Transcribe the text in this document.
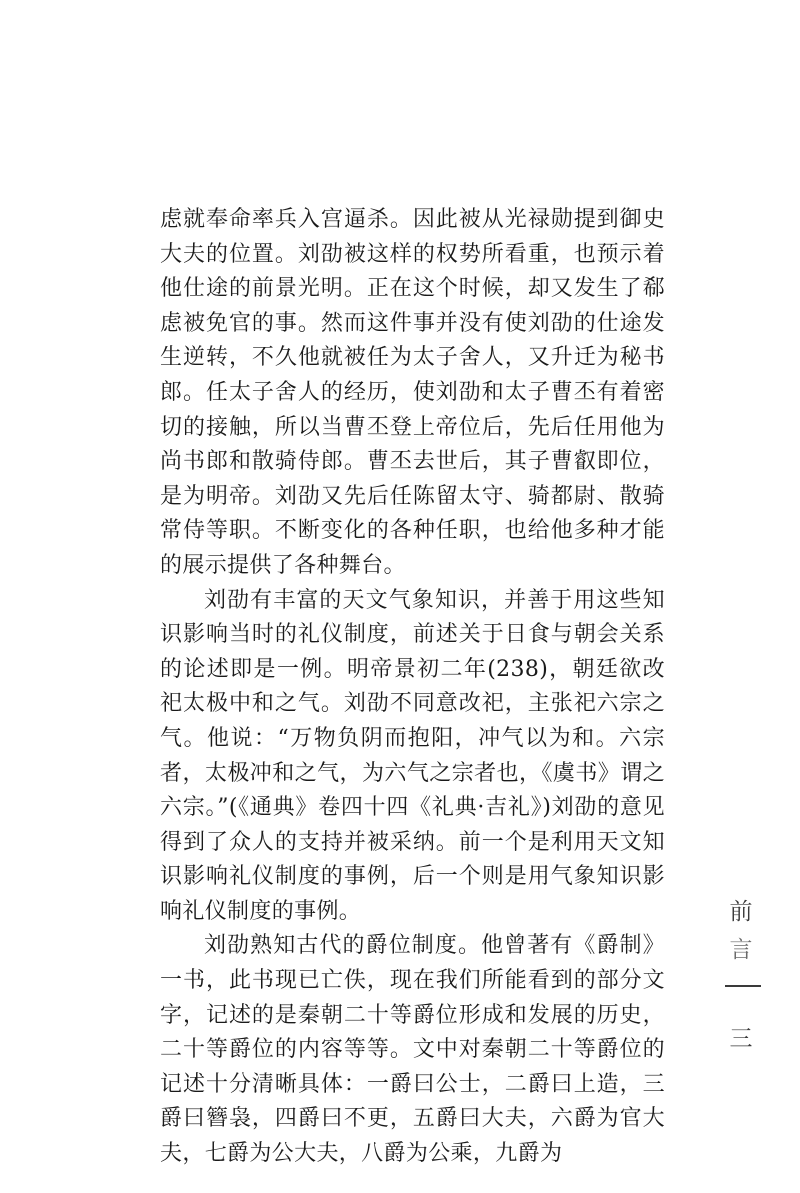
虑就奉命率兵入宫逼杀。因此被从光禄勋提到御史大夫的位置。刘劭被这样的权势所看重，也预示着他仕途的前景光明。正在这个时候，却又发生了郗虑被免官的事。然而这件事并没有使刘劭的仕途发生逆转，不久他就被任为太子舍人，又升迁为秘书郎。任太子舍人的经历，使刘劭和太子曹丕有着密切的接触，所以当曹丕登上帝位后，先后任用他为尚书郎和散骑侍郎。曹丕去世后，其子曹叡即位，是为明帝。刘劭又先后任陈留太守、骑都尉、散骑常侍等职。不断变化的各种任职，也给他多种才能的展示提供了各种舞台。

刘劭有丰富的天文气象知识，并善于用这些知识影响当时的礼仪制度，前述关于日食与朝会关系的论述即是一例。明帝景初二年(238)，朝廷欲改祀太极中和之气。刘劭不同意改祀，主张祀六宗之气。他说：“万物负阴而抱阳，冲气以为和。六宗者，太极冲和之气，为六气之宗者也，《虞书》谓之六宗。”(《通典》卷四十四《礼典·吉礼》)刘劭的意见得到了众人的支持并被采纳。前一个是利用天文知识影响礼仪制度的事例，后一个则是用气象知识影响礼仪制度的事例。

刘劭熟知古代的爵位制度。他曾著有《爵制》一书，此书现已亡佚，现在我们所能看到的部分文字，记述的是秦朝二十等爵位形成和发展的历史，二十等爵位的内容等等。文中对秦朝二十等爵位的记述十分清晰具体：一爵曰公士，二爵曰上造，三爵曰簪袅，四爵曰不更，五爵曰大夫，六爵为官大夫，七爵为公大夫，八爵为公乘，九爵为

前
言
三
